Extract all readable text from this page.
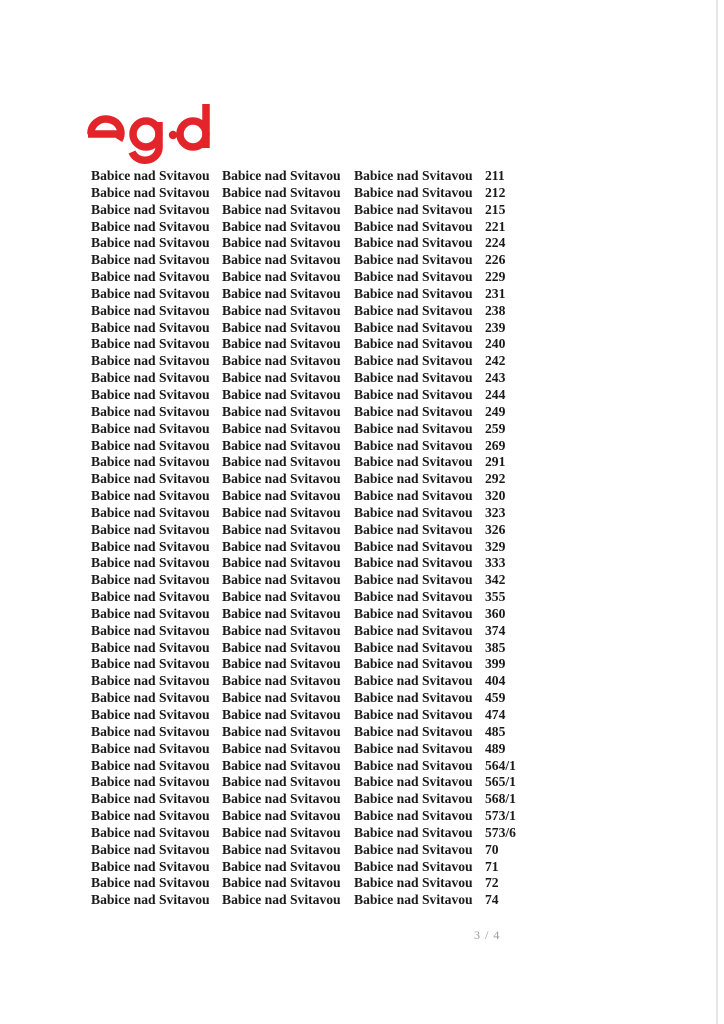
Babice nad Svitavou Babice nad Svitavou Babice nad Svitavou 211
Babice nad Svitavou Babice nad Svitavou Babice nad Svitavou 212
Babice nad Svitavou Babice nad Svitavou Babice nad Svitavou 215
Babice nad Svitavou Babice nad Svitavou Babice nad Svitavou 221
Babice nad Svitavou Babice nad Svitavou Babice nad Svitavou 224
Babice nad Svitavou Babice nad Svitavou Babice nad Svitavou 226
Babice nad Svitavou Babice nad Svitavou Babice nad Svitavou 229
Babice nad Svitavou Babice nad Svitavou Babice nad Svitavou 231
Babice nad Svitavou Babice nad Svitavou Babice nad Svitavou 238
Babice nad Svitavou Babice nad Svitavou Babice nad Svitavou 239
Babice nad Svitavou Babice nad Svitavou Babice nad Svitavou 240
Babice nad Svitavou Babice nad Svitavou Babice nad Svitavou 242
Babice nad Svitavou Babice nad Svitavou Babice nad Svitavou 243
Babice nad Svitavou Babice nad Svitavou Babice nad Svitavou 244
Babice nad Svitavou Babice nad Svitavou Babice nad Svitavou 249
Babice nad Svitavou Babice nad Svitavou Babice nad Svitavou 259
Babice nad Svitavou Babice nad Svitavou Babice nad Svitavou 269
Babice nad Svitavou Babice nad Svitavou Babice nad Svitavou 291
Babice nad Svitavou Babice nad Svitavou Babice nad Svitavou 292
Babice nad Svitavou Babice nad Svitavou Babice nad Svitavou 320
Babice nad Svitavou Babice nad Svitavou Babice nad Svitavou 323
Babice nad Svitavou Babice nad Svitavou Babice nad Svitavou 326
Babice nad Svitavou Babice nad Svitavou Babice nad Svitavou 329
Babice nad Svitavou Babice nad Svitavou Babice nad Svitavou 333
Babice nad Svitavou Babice nad Svitavou Babice nad Svitavou 342
Babice nad Svitavou Babice nad Svitavou Babice nad Svitavou 355
Babice nad Svitavou Babice nad Svitavou Babice nad Svitavou 360
Babice nad Svitavou Babice nad Svitavou Babice nad Svitavou 374
Babice nad Svitavou Babice nad Svitavou Babice nad Svitavou 385
Babice nad Svitavou Babice nad Svitavou Babice nad Svitavou 399
Babice nad Svitavou Babice nad Svitavou Babice nad Svitavou 404
Babice nad Svitavou Babice nad Svitavou Babice nad Svitavou 459
Babice nad Svitavou Babice nad Svitavou Babice nad Svitavou 474
Babice nad Svitavou Babice nad Svitavou Babice nad Svitavou 485
Babice nad Svitavou Babice nad Svitavou Babice nad Svitavou 489
Babice nad Svitavou Babice nad Svitavou Babice nad Svitavou 564/1
Babice nad Svitavou Babice nad Svitavou Babice nad Svitavou 565/1
Babice nad Svitavou Babice nad Svitavou Babice nad Svitavou 568/1
Babice nad Svitavou Babice nad Svitavou Babice nad Svitavou 573/1
Babice nad Svitavou Babice nad Svitavou Babice nad Svitavou 573/6
Babice nad Svitavou Babice nad Svitavou Babice nad Svitavou 70
Babice nad Svitavou Babice nad Svitavou Babice nad Svitavou 71
Babice nad Svitavou Babice nad Svitavou Babice nad Svitavou 72
Babice nad Svitavou Babice nad Svitavou Babice nad Svitavou 74
3 / 4
